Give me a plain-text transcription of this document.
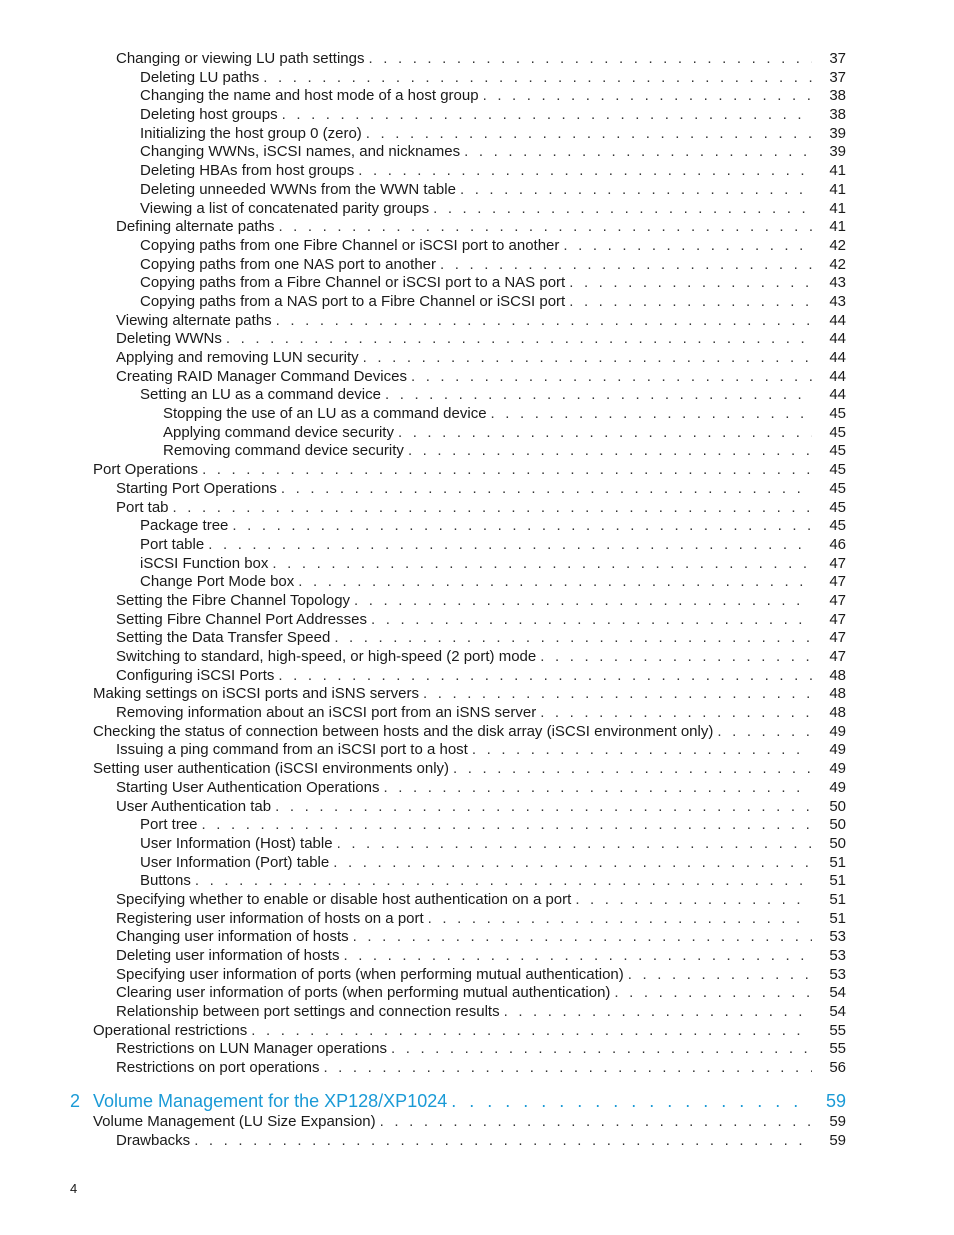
Changing or viewing LU path settings . . .	37
Deleting LU paths . . .	37
Changing the name and host mode of a host group . . .	38
Deleting host groups . . .	38
Initializing the host group 0 (zero) . . .	39
Changing WWNs, iSCSI names, and nicknames . . .	39
Deleting HBAs from host groups . . .	41
Deleting unneeded WWNs from the WWN table . . .	41
Viewing a list of concatenated parity groups . . .	41
Defining alternate paths . . .	41
Copying paths from one Fibre Channel or iSCSI port to another . . .	42
Copying paths from one NAS port to another . . .	42
Copying paths from a Fibre Channel or iSCSI port to a NAS port . . .	43
Copying paths from a NAS port to a Fibre Channel or iSCSI port . . .	43
Viewing alternate paths . . .	44
Deleting WWNs . . .	44
Applying and removing LUN security . . .	44
Creating RAID Manager Command Devices . . .	44
Setting an LU as a command device . . .	44
Stopping the use of an LU as a command device . . .	45
Applying command device security . . .	45
Removing command device security . . .	45
Port Operations . . .	45
Starting Port Operations . . .	45
Port tab . . .	45
Package tree . . .	45
Port table . . .	46
iSCSI Function box . . .	47
Change Port Mode box . . .	47
Setting the Fibre Channel Topology . . .	47
Setting Fibre Channel Port Addresses . . .	47
Setting the Data Transfer Speed . . .	47
Switching to standard, high-speed, or high-speed (2 port) mode . . .	47
Configuring iSCSI Ports . . .	48
Making settings on iSCSI ports and iSNS servers . . .	48
Removing information about an iSCSI port from an iSNS server . . .	48
Checking the status of connection between hosts and the disk array (iSCSI environment only) . . .	49
Issuing a ping command from an iSCSI port to a host . . .	49
Setting user authentication (iSCSI environments only) . . .	49
Starting User Authentication Operations . . .	49
User Authentication tab . . .	50
Port tree . . .	50
User Information (Host) table . . .	50
User Information (Port) table . . .	51
Buttons . . .	51
Specifying whether to enable or disable host authentication on a port . . .	51
Registering user information of hosts on a port . . .	51
Changing user information of hosts . . .	53
Deleting user information of hosts . . .	53
Specifying user information of ports (when performing mutual authentication) . . .	53
Clearing user information of ports (when performing mutual authentication) . . .	54
Relationship between port settings and connection results . . .	54
Operational restrictions . . .	55
Restrictions on LUN Manager operations . . .	55
Restrictions on port operations . . .	56
2 Volume Management for the XP128/XP1024 . . .	59
Volume Management (LU Size Expansion) . . .	59
Drawbacks . . .	59
4
